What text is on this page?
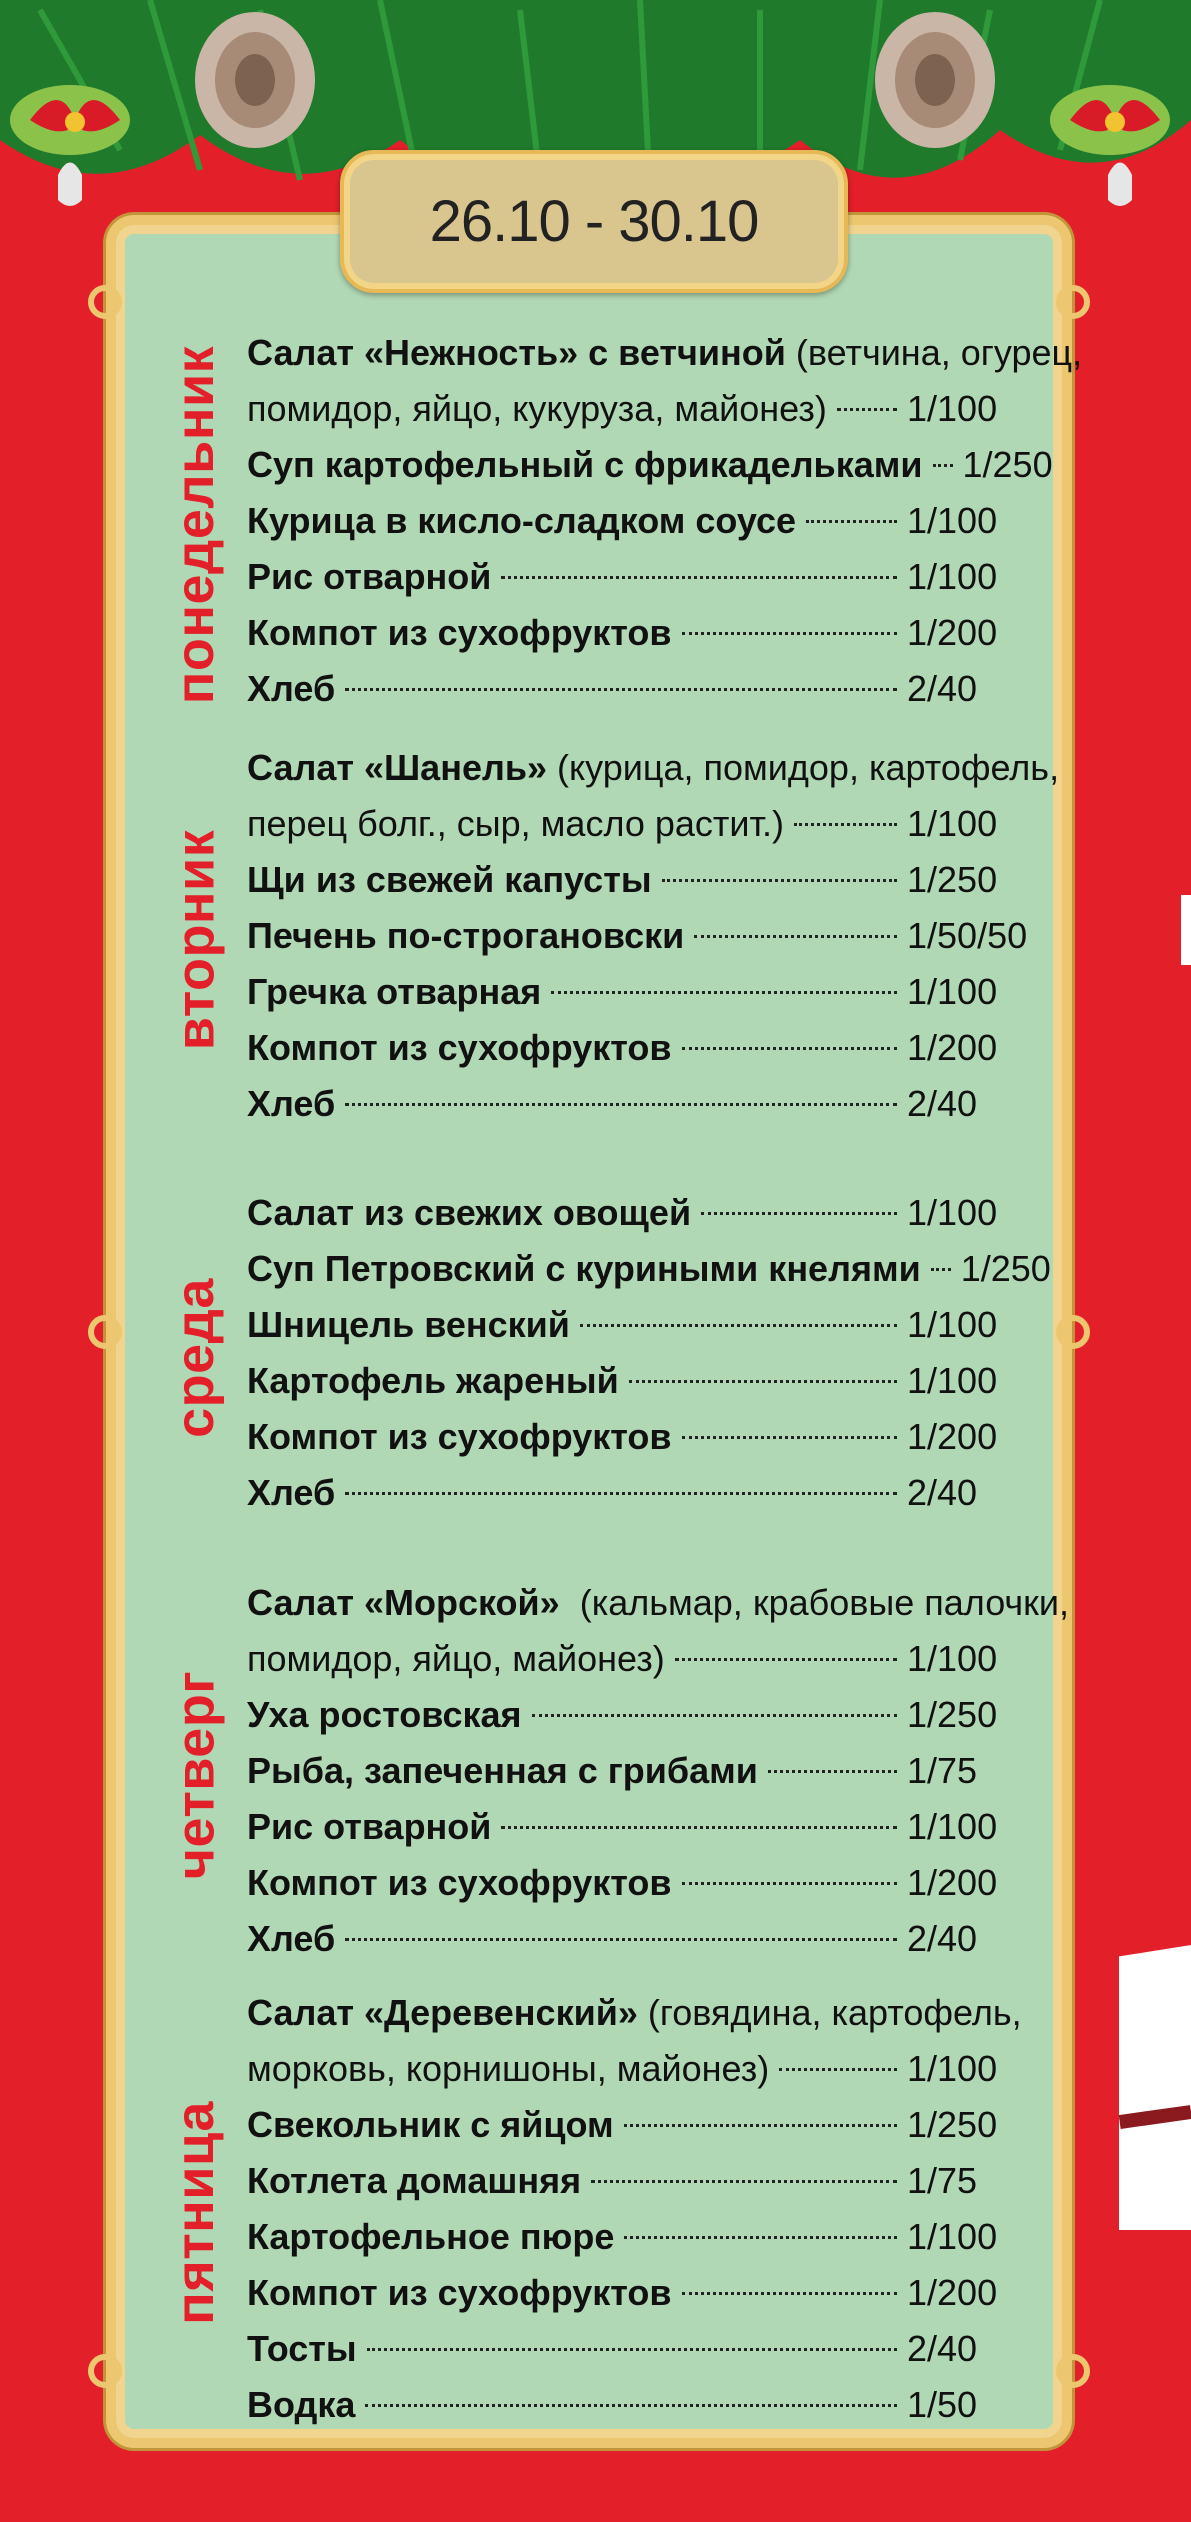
26.10 - 30.10
понедельник Салат «Нежность» с ветчиной
(ветчина, огурец,
помидор, яйцо, кукуруза, майонез) 1/100
Суп картофельный с фрикадельками 1/250
Курица в кисло-сладком соусе	1/100
Рис отварной	1/100
Компот из сухофруктов	1/200
Хлеб	2/40
вторник
Салат «Шанель»
(курица, помидор, картофель,
перец болг., сыр, масло растит.)	1/100
Щи из свежей капусты	1/250
Печень по-строгановски	1/50/50
Гречка отварная	1/100
Компот из сухофруктов	1/200
Хлеб	2/40
среда
Салат из свежих овощей	1/100
Суп Петровский с куриными кнелями 1/250
Шницель венский	1/100
Картофель жареный	1/100
Компот из сухофруктов	1/200
Хлеб	2/40
четверг
Салат «Морской»
(кальмар, крабовые палочки,
помидор, яйцо, майонез)	1/100
Уха ростовская	1/250
Рыба, запеченная с грибами	1/75
Рис отварной	1/100
Компот из сухофруктов	1/200
Хлеб	2/40
пятница
Салат «Деревенский»
(говядина, картофель,
морковь, корнишоны, майонез)	1/100
Свекольник с яйцом	1/250
Котлета домашняя	1/75
Картофельное пюре	1/100
Компот из сухофруктов	1/200
Тосты	2/40
Водка	1/50
